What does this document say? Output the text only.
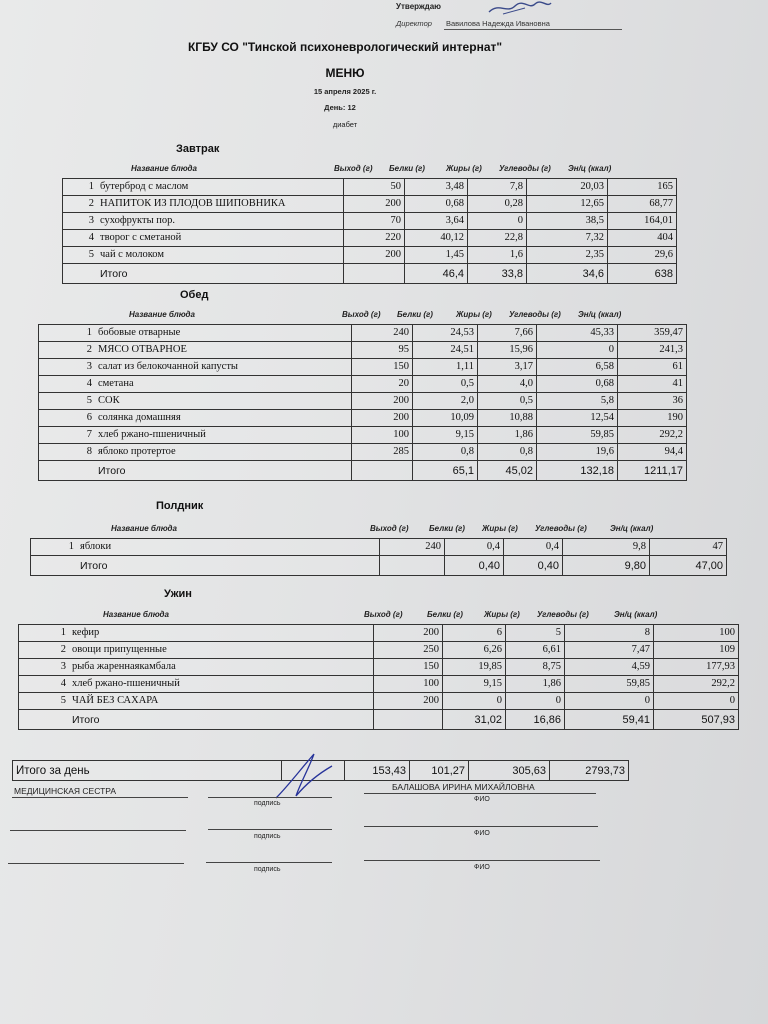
Утверждаю
Директор Вавилова Надежда Ивановна
КГБУ СО "Тинской психоневрологический интернат"
МЕНЮ
15 апреля 2025 г.
День: 12
диабет
Завтрак
Название блюда	Выход (г) Белки (г)	Жиры (г) Углеводы (г) Эн/ц (ккал)
1	бутерброд с маслом	50	3,48	7,8	20,03	165
2	НАПИТОК ИЗ ПЛОДОВ ШИПОВНИКА	200	0,68	0,28	12,65	68,77
3	сухофрукты пор.	70	3,64	0	38,5	164,01
4	творог с сметаной	220	40,12	22,8	7,32	404
5	чай с молоком	200	1,45	1,6	2,35	29,6
	Итого		46,4	33,8	34,6	638
Обед
Название блюда	Выход (г) Белки (г)	Жиры (г) Углеводы (г) Эн/ц (ккал)
1	бобовые отварные	240	24,53	7,66	45,33	359,47
2	МЯСО ОТВАРНОЕ	95	24,51	15,96	0	241,3
3	салат из белокочанной капусты	150	1,11	3,17	6,58	61
4	сметана	20	0,5	4,0	0,68	41
5	СОК	200	2,0	0,5	5,8	36
6	солянка домашняя	200	10,09	10,88	12,54	190
7	хлеб ржано-пшеничный	100	9,15	1,86	59,85	292,2
8	яблоко протертое	285	0,8	0,8	19,6	94,4
	Итого		65,1	45,02	132,18	1211,17
Полдник
Название блюда	Выход (г)	Белки (г) Жиры (г) Углеводы (г)	Эн/ц (ккал)
1	яблоки	240	0,4	0,4	9,8	47
	Итого		0,40	0,40	9,80	47,00
Ужин
Название блюда	Выход (г)	Белки (г)	Жиры (г) Углеводы (г)	Эн/ц (ккал)
1	кефир	200	6	5	8	100
2	овощи припущенные	250	6,26	6,61	7,47	109
3	рыба жареннаякамбала	150	19,85	8,75	4,59	177,93
4	хлеб ржано-пшеничный	100	9,15	1,86	59,85	292,2
5	ЧАЙ БЕЗ САХАРА	200	0	0	0	0
	Итого		31,02	16,86	59,41	507,93
Итого за день		153,43	101,27	305,63	2793,73
МЕДИЦИНСКАЯ СЕСТРА
подпись
БАЛАШОВА ИРИНА МИХАЙЛОВНА
ФИО
подпись	ФИО
подпись	ФИО
